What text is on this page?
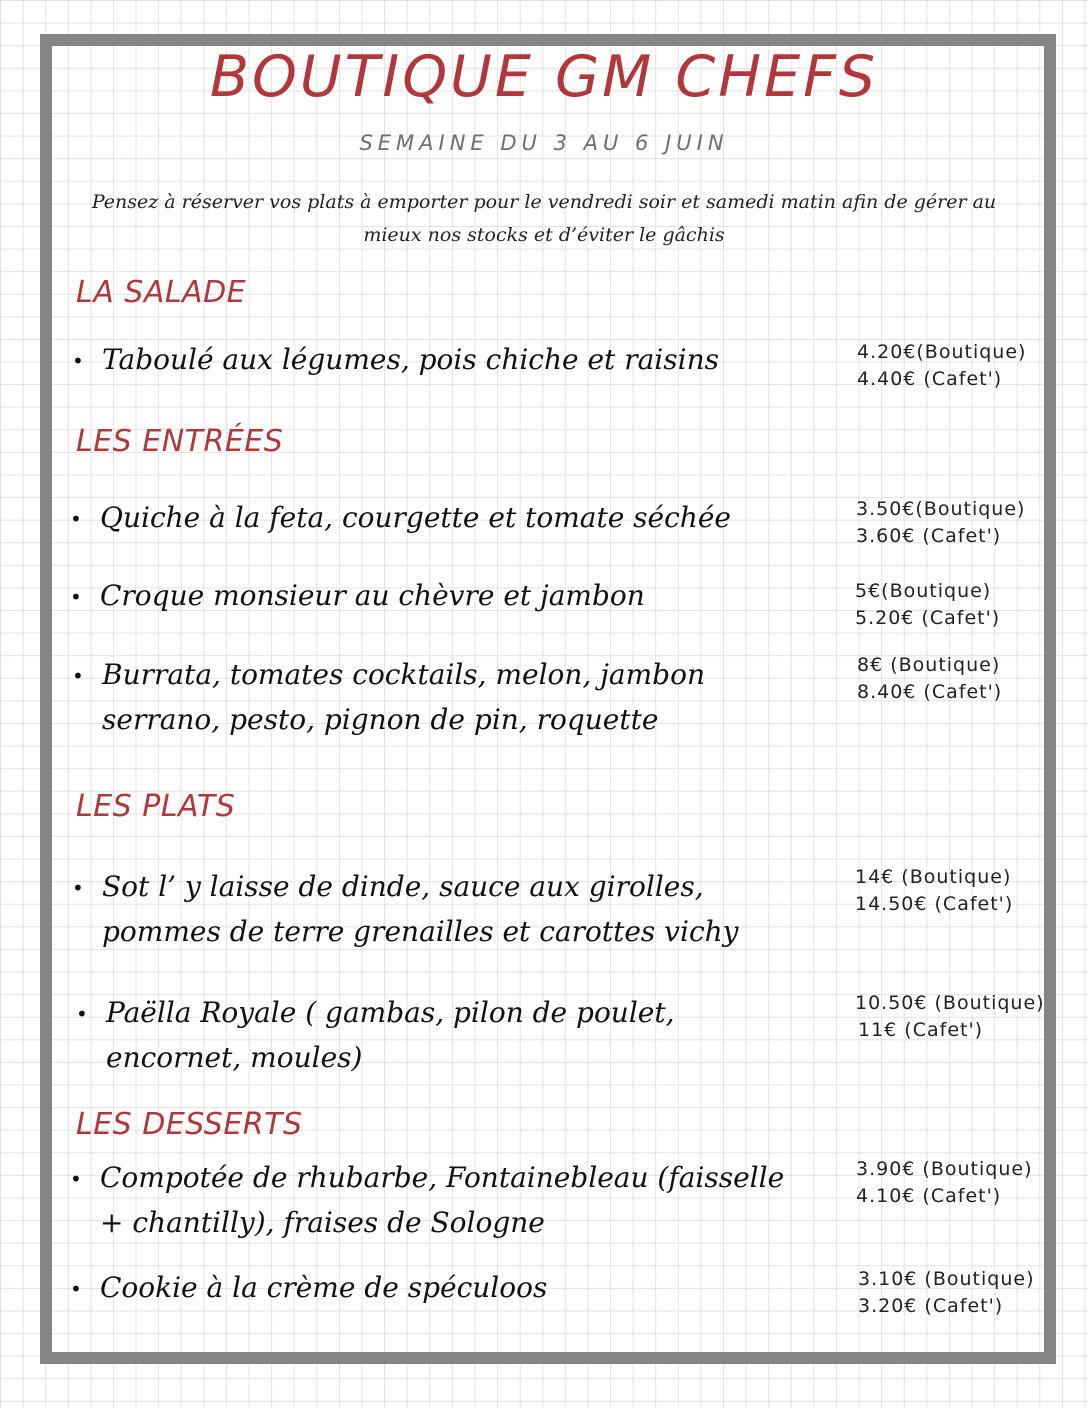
BOUTIQUE GM CHEFS
SEMAINE DU 3 AU 6 JUIN
Pensez à réserver vos plats à emporter pour le vendredi soir et samedi matin afin de gérer au mieux nos stocks et d’éviter le gâchis
LA SALADE
• Taboulé aux légumes, pois chiche et raisins	4.20€(Boutique)
4.40€ (Cafet')
LES ENTRÉES
• Quiche à la feta, courgette et tomate séchée	3.50€(Boutique)
3.60€ (Cafet')
• Croque monsieur au chèvre et jambon	5€(Boutique)
5.20€ (Cafet')
• Burrata, tomates cocktails, melon, jambon serrano, pesto, pignon de pin, roquette
8€ (Boutique)
8.40€ (Cafet')
LES PLATS
• Sot l’ y laisse de dinde, sauce aux girolles, pommes de terre grenailles et carottes vichy
14€ (Boutique)
14.50€ (Cafet')
• Paëlla Royale ( gambas, pilon de poulet, encornet, moules)
10.50€ (Boutique)
11€ (Cafet')
LES DESSERTS
• Compotée de rhubarbe, Fontainebleau (faisselle + chantilly), fraises de Sologne
3.90€ (Boutique)
4.10€ (Cafet')
• Cookie à la crème de spéculoos	3.10€ (Boutique)
3.20€ (Cafet')
